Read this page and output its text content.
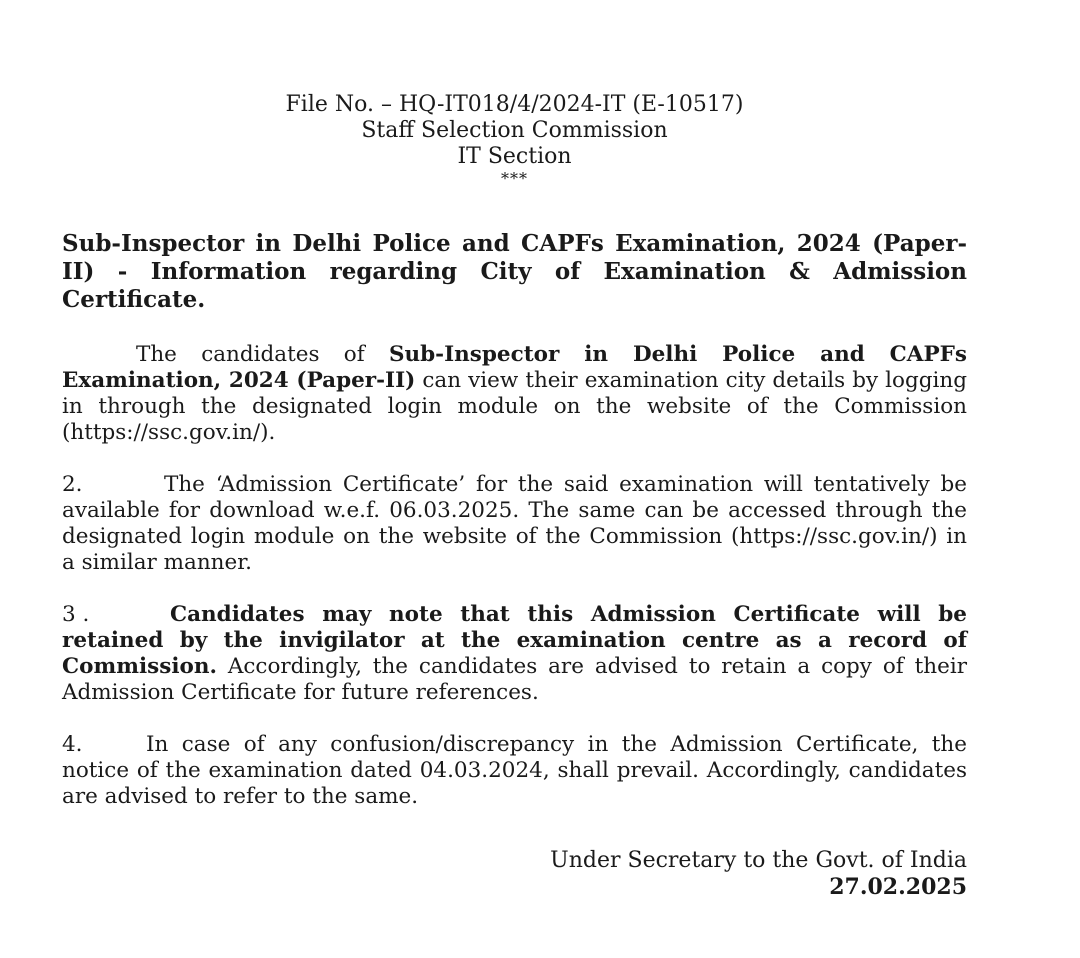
File No. – HQ-IT018/4/2024-IT (E-10517)
Staff Selection Commission
IT Section
***
Sub-Inspector in Delhi Police and CAPFs Examination, 2024 (Paper-II) - Information regarding City of Examination & Admission Certificate.
The candidates of Sub-Inspector in Delhi Police and CAPFs Examination, 2024 (Paper-II) can view their examination city details by logging in through the designated login module on the website of the Commission (https://ssc.gov.in/).
2.	The ‘Admission Certificate’ for the said examination will tentatively be available for download w.e.f. 06.03.2025. The same can be accessed through the designated login module on the website of the Commission (https://ssc.gov.in/) in a similar manner.
3 .	Candidates may note that this Admission Certificate will be retained by the invigilator at the examination centre as a record of Commission. Accordingly, the candidates are advised to retain a copy of their Admission Certificate for future references.
4.	In case of any confusion/discrepancy in the Admission Certificate, the notice of the examination dated 04.03.2024, shall prevail. Accordingly, candidates are advised to refer to the same.
Under Secretary to the Govt. of India
27.02.2025
